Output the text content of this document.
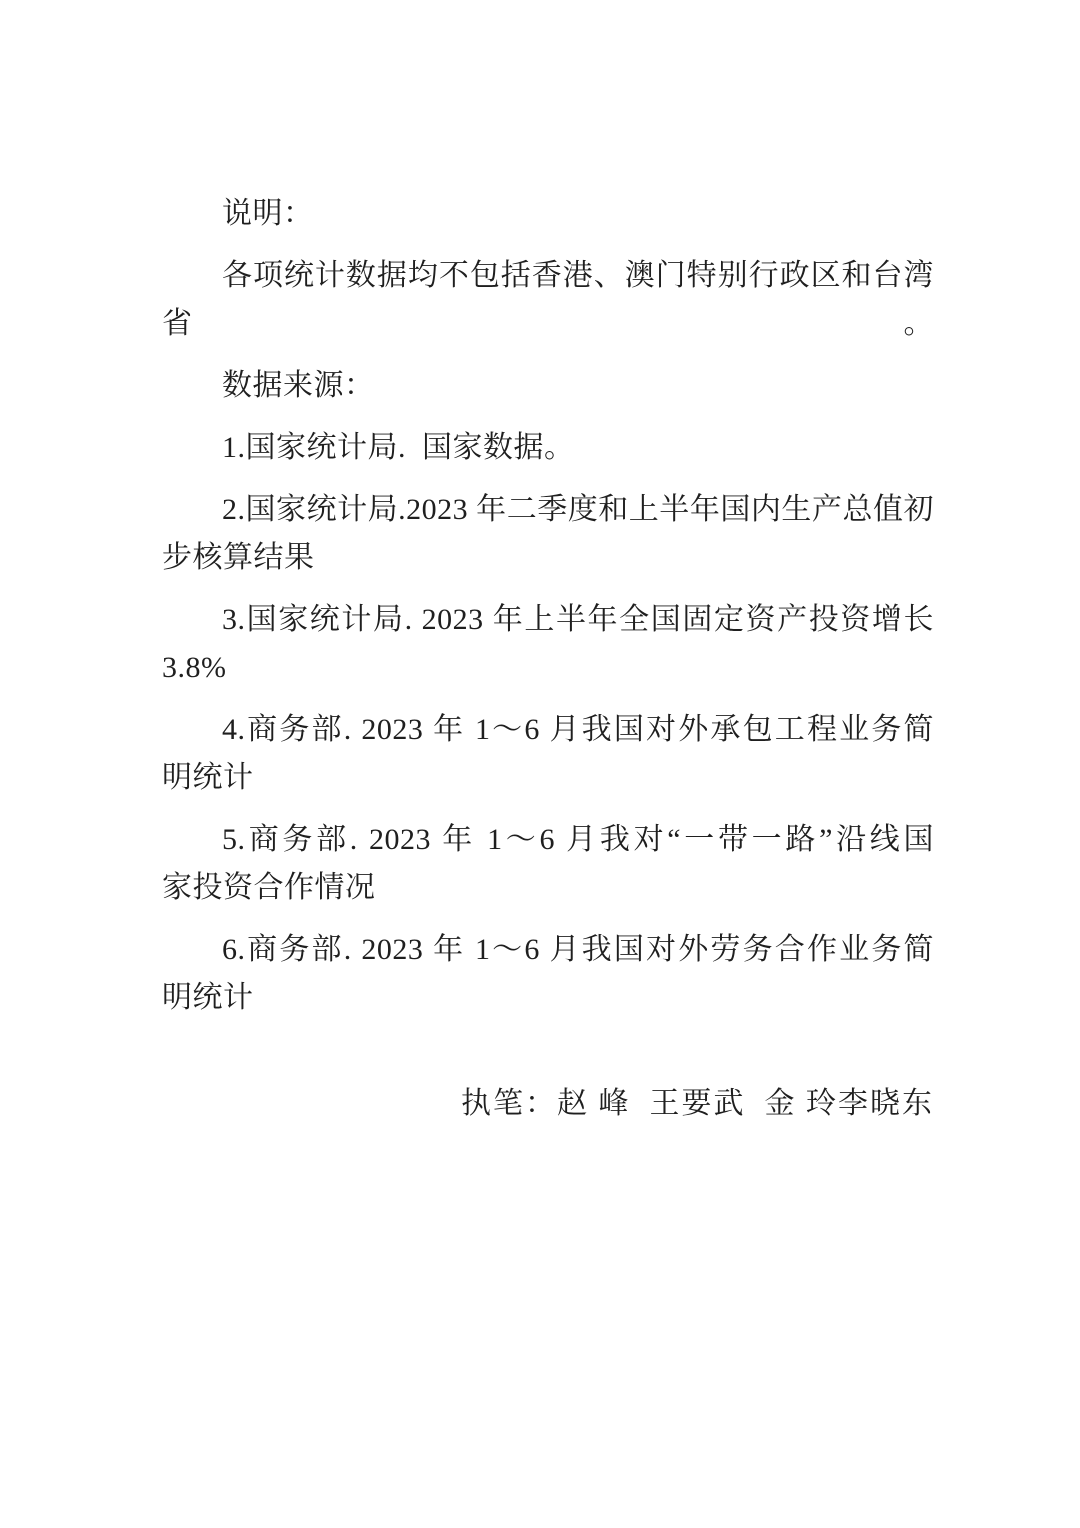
说明：

各项统计数据均不包括香港、澳门特别行政区和台湾省。

数据来源：

1.国家统计局.  国家数据。

2.国家统计局.2023 年二季度和上半年国内生产总值初

步核算结果

3.国家统计局. 2023 年上半年全国固定资产投资增长

3.8%

4.商务部. 2023 年 1～6 月我国对外承包工程业务简

明统计

5.商务部. 2023 年 1～6 月我对“一带一路”沿线国

家投资合作情况

6.商务部. 2023 年 1～6 月我国对外劳务合作业务简

明统计

执笔：赵 峰  王要武  金 玲李晓东
